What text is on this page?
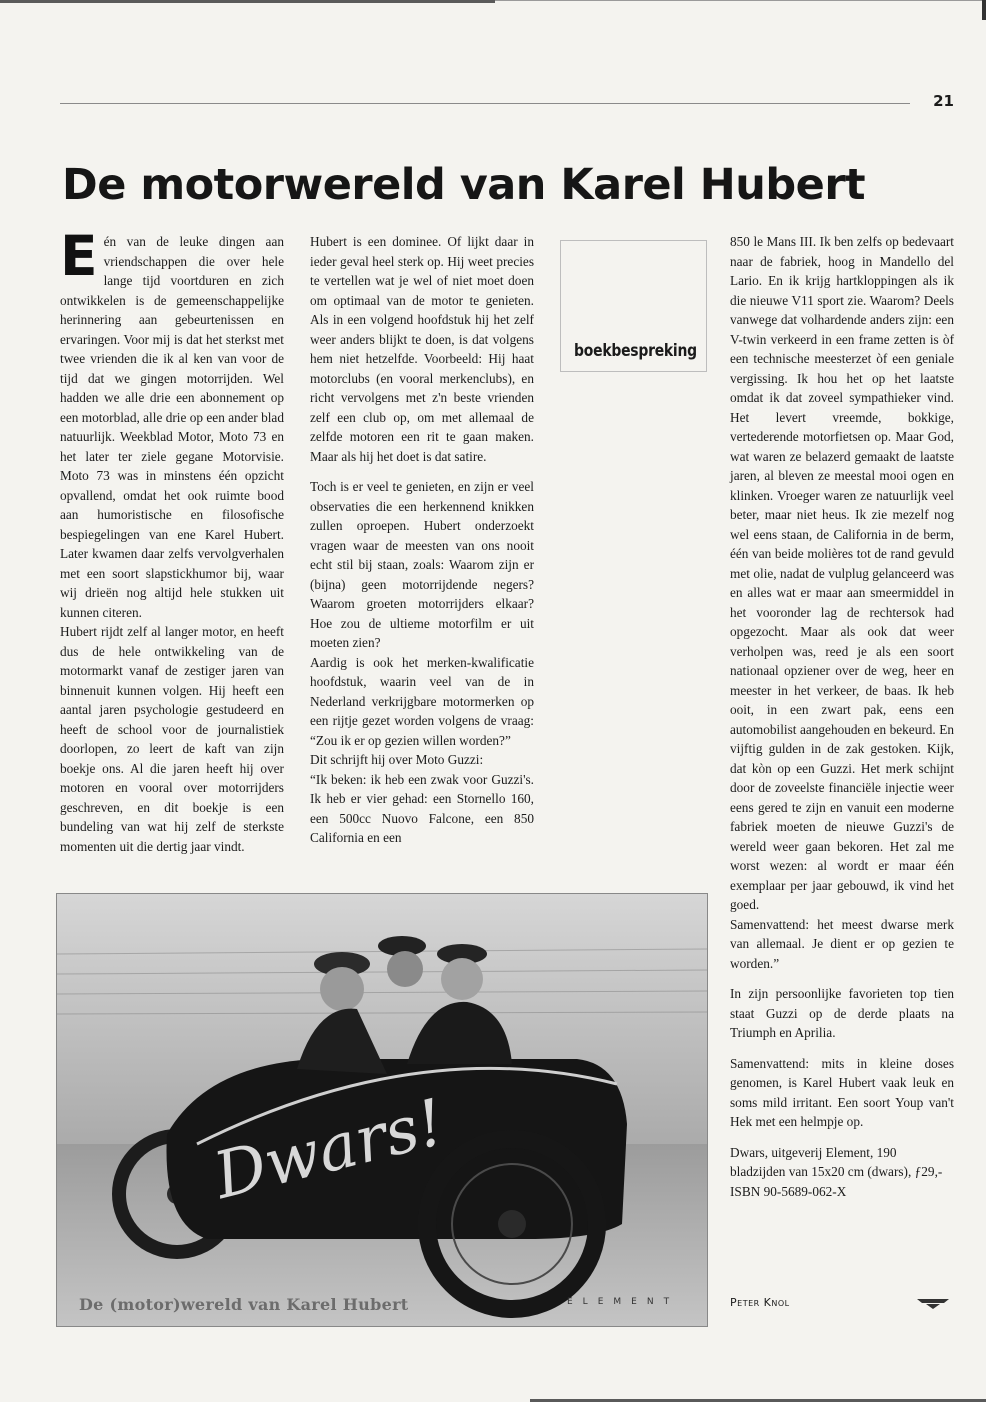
21
De motorwereld van Karel Hubert

Eén van de leuke dingen aan vriendschappen die over hele lange tijd voortduren en zich ontwikkelen is de gemeenschappelijke herinnering aan gebeurtenissen en ervaringen. Voor mij is dat het sterkst met twee vrienden die ik al ken van voor de tijd dat we gingen motorrijden. Wel hadden we alle drie een abonnement op een motorblad, alle drie op een ander blad natuurlijk. Weekblad Motor, Moto 73 en het later ter ziele gegane Motorvisie. Moto 73 was in minstens één opzicht opvallend, omdat het ook ruimte bood aan humoristische en filosofische bespiegelingen van ene Karel Hubert. Later kwamen daar zelfs vervolgverhalen met een soort slapstickhumor bij, waar wij drieën nog altijd hele stukken uit kunnen citeren.

Hubert rijdt zelf al langer motor, en heeft dus de hele ontwikkeling van de motormarkt vanaf de zestiger jaren van binnenuit kunnen volgen. Hij heeft een aantal jaren psychologie gestudeerd en heeft de school voor de journalistiek doorlopen, zo leert de kaft van zijn boekje ons. Al die jaren heeft hij over motoren en vooral over motorrijders geschreven, en dit boekje is een bundeling van wat hij zelf de sterkste momenten uit die dertig jaar vindt.

Hubert is een dominee. Of lijkt daar in ieder geval heel sterk op. Hij weet precies te vertellen wat je wel of niet moet doen om optimaal van de motor te genieten. Als in een volgend hoofdstuk hij het zelf weer anders blijkt te doen, is dat volgens hem niet hetzelfde. Voorbeeld: Hij haat motorclubs (en vooral merkenclubs), en richt vervolgens met z'n beste vrienden zelf een club op, om met allemaal de zelfde motoren een rit te gaan maken. Maar als hij het doet is dat satire.

Toch is er veel te genieten, en zijn er veel observaties die een herkennend knikken zullen oproepen. Hubert onderzoekt vragen waar de meesten van ons nooit echt stil bij staan, zoals: Waarom zijn er (bijna) geen motorrijdende negers? Waarom groeten motorrijders elkaar? Hoe zou de ultieme motorfilm er uit moeten zien?

Aardig is ook het merken-kwalificatie hoofdstuk, waarin veel van de in Nederland verkrijgbare motormerken op een rijtje gezet worden volgens de vraag: “Zou ik er op gezien willen worden?”

Dit schrijft hij over Moto Guzzi:

“Ik beken: ik heb een zwak voor Guzzi's. Ik heb er vier gehad: een Stornello 160, een 500cc Nuovo Falcone, een 850 California en een

boekbespreking

850 le Mans III. Ik ben zelfs op bedevaart naar de fabriek, hoog in Mandello del Lario. En ik krijg hartkloppingen als ik die nieuwe V11 sport zie. Waarom? Deels vanwege dat volhardende anders zijn: een V-twin verkeerd in een frame zetten is òf een technische meesterzet òf een geniale vergissing. Ik hou het op het laatste omdat ik dat zoveel sympathieker vind. Het levert vreemde, bokkige, vertederende motorfietsen op. Maar God, wat waren ze belazerd gemaakt de laatste jaren, al bleven ze meestal mooi ogen en klinken. Vroeger waren ze natuurlijk veel beter, maar niet heus. Ik zie mezelf nog wel eens staan, de California in de berm, één van beide molières tot de rand gevuld met olie, nadat de vulplug gelanceerd was en alles wat er maar aan smeermiddel in het vooronder lag de rechtersok had opgezocht. Maar als ook dat weer verholpen was, reed je als een soort nationaal opziener over de weg, heer en meester in het verkeer, de baas. Ik heb ooit, in een zwart pak, eens een automobilist aangehouden en bekeurd. En vijftig gulden in de zak gestoken. Kijk, dat kòn op een Guzzi. Het merk schijnt door de zoveelste financiële injectie weer eens gered te zijn en vanuit een moderne fabriek moeten de nieuwe Guzzi's de wereld weer gaan bekoren. Het zal me worst wezen: al wordt er maar één exemplaar per jaar gebouwd, ik vind het goed.

Samenvattend: het meest dwarse merk van allemaal. Je dient er op gezien te worden.”

In zijn persoonlijke favorieten top tien staat Guzzi op de derde plaats na Triumph en Aprilia.

Samenvattend: mits in kleine doses genomen, is Karel Hubert vaak leuk en soms mild irritant. Een soort Youp van't Hek met een helmpje op.

Dwars, uitgeverij Element, 190 bladzijden van 15x20 cm (dwars), ƒ29,- ISBN 90-5689-062-X

Dwars!
De (motor)wereld van Karel Hubert	ELEMENT	Peter Knol
